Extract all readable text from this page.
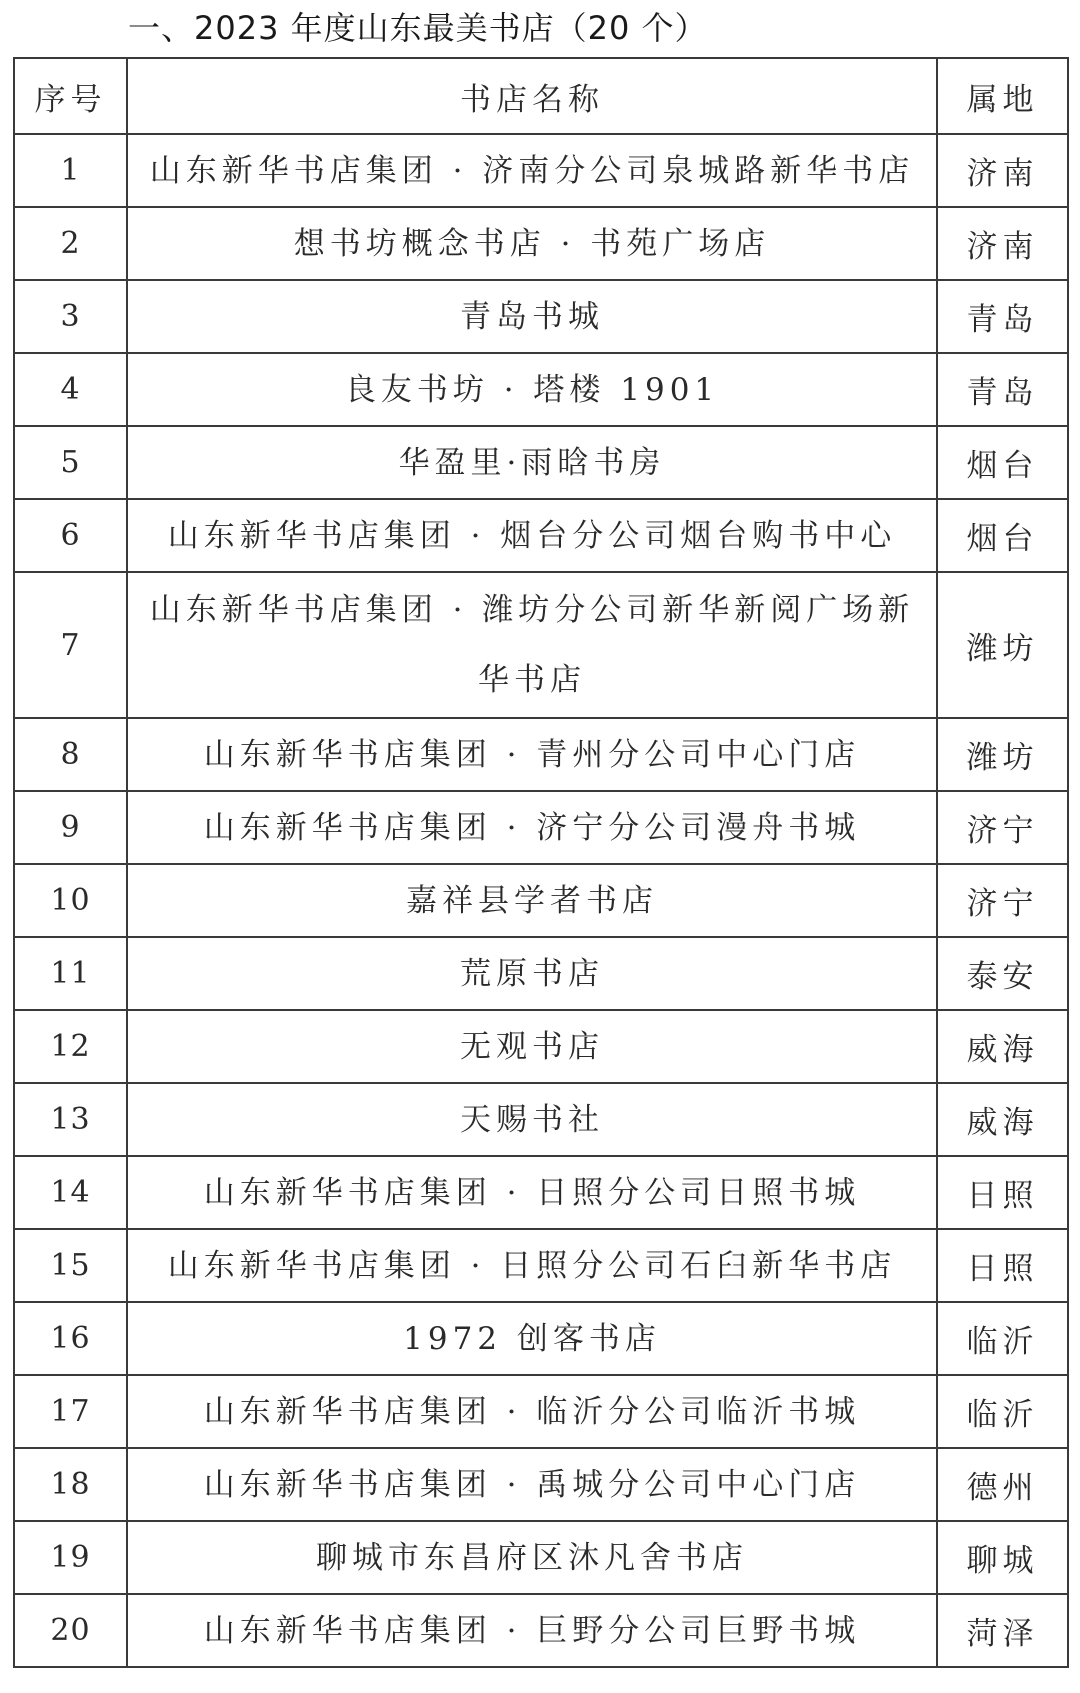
一、2023 年度山东最美书店（20 个）
序号	书店名称	属地
1	山东新华书店集团 · 济南分公司泉城路新华书店	济南
2	想书坊概念书店 · 书苑广场店	济南
3	青岛书城	青岛
4	良友书坊 · 塔楼 1901	青岛
5	华盈里·雨晗书房	烟台
6	山东新华书店集团 · 烟台分公司烟台购书中心	烟台
7	山东新华书店集团 · 潍坊分公司新华新阅广场新华书店	潍坊
8	山东新华书店集团 · 青州分公司中心门店	潍坊
9	山东新华书店集团 · 济宁分公司漫舟书城	济宁
10	嘉祥县学者书店	济宁
11	荒原书店	泰安
12	无观书店	威海
13	天赐书社	威海
14	山东新华书店集团 · 日照分公司日照书城	日照
15	山东新华书店集团 · 日照分公司石臼新华书店	日照
16	1972 创客书店	临沂
17	山东新华书店集团 · 临沂分公司临沂书城	临沂
18	山东新华书店集团 · 禹城分公司中心门店	德州
19	聊城市东昌府区沐凡舍书店	聊城
20	山东新华书店集团 · 巨野分公司巨野书城	菏泽
